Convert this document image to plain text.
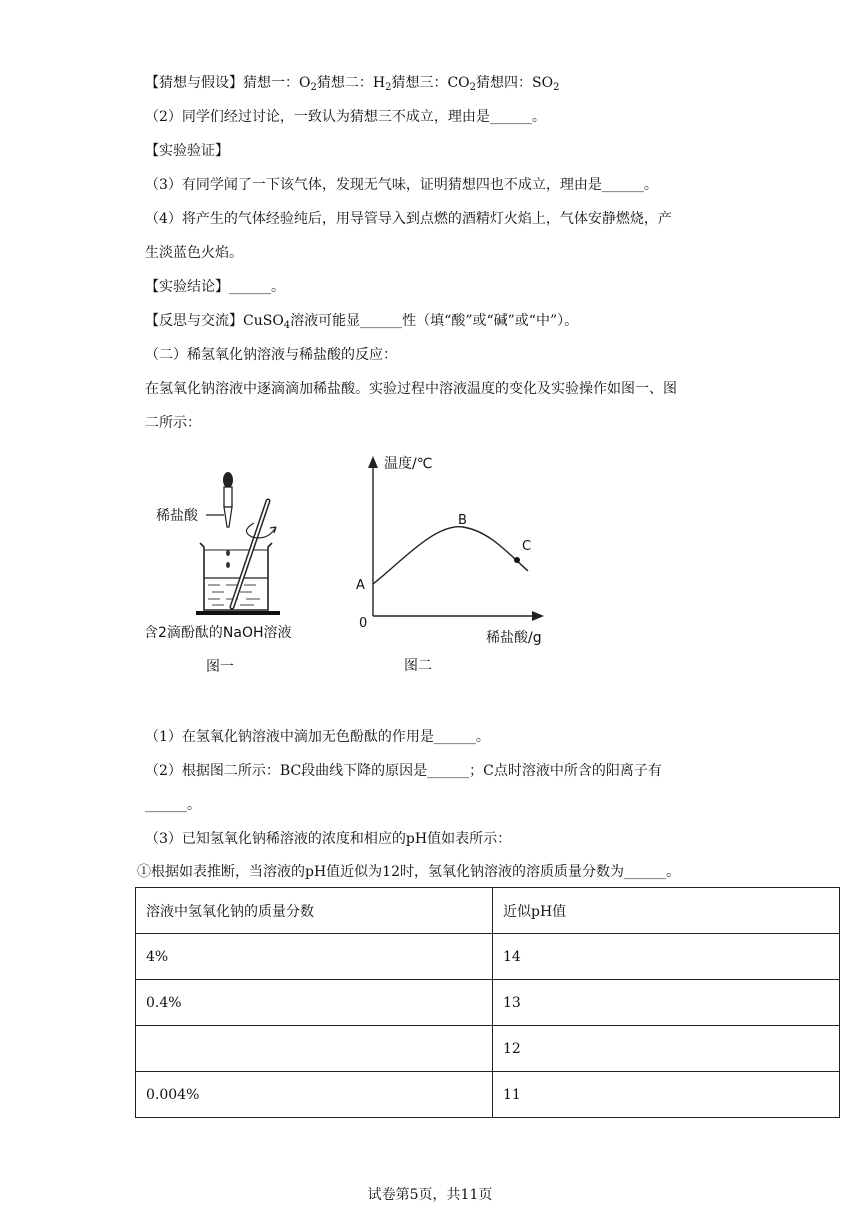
【猜想与假设】猜想一：$O_2$猜想二：$H_2$猜想三：$CO_2$猜想四：$SO_2$
（2）同学们经过讨论，一致认为猜想三不成立，理由是______。
【实验验证】
（3）有同学闻了一下该气体，发现无气味，证明猜想四也不成立，理由是______。
（4）将产生的气体经验纯后，用导管导入到点燃的酒精灯火焰上，气体安静燃烧，产
生淡蓝色火焰。
【实验结论】______。
【反思与交流】CuSO$_4$溶液可能显______性（填“酸”或“碱”或“中”）。
（二）稀氢氧化钠溶液与稀盐酸的反应：
在氢氧化钠溶液中逐滴滴加稀盐酸。实验过程中溶液温度的变化及实验操作如图一、图
二所示：
稀盐酸
含2滴酚酞的NaOH溶液
图一
温度/℃
稀盐酸/g
0
A
B
C
图二
（1）在氢氧化钠溶液中滴加无色酚酞的作用是______。
（2）根据图二所示：BC段曲线下降的原因是______；C点时溶液中所含的阳离子有
______。
（3）已知氢氧化钠稀溶液的浓度和相应的pH值如表所示：
①根据如表推断，当溶液的pH值近似为12时，氢氧化钠溶液的溶质质量分数为______。
溶液中氢氧化钠的质量分数	近似pH值
4%	14
0.4%	13
	12
0.004%	11
试卷第5页，共11页
